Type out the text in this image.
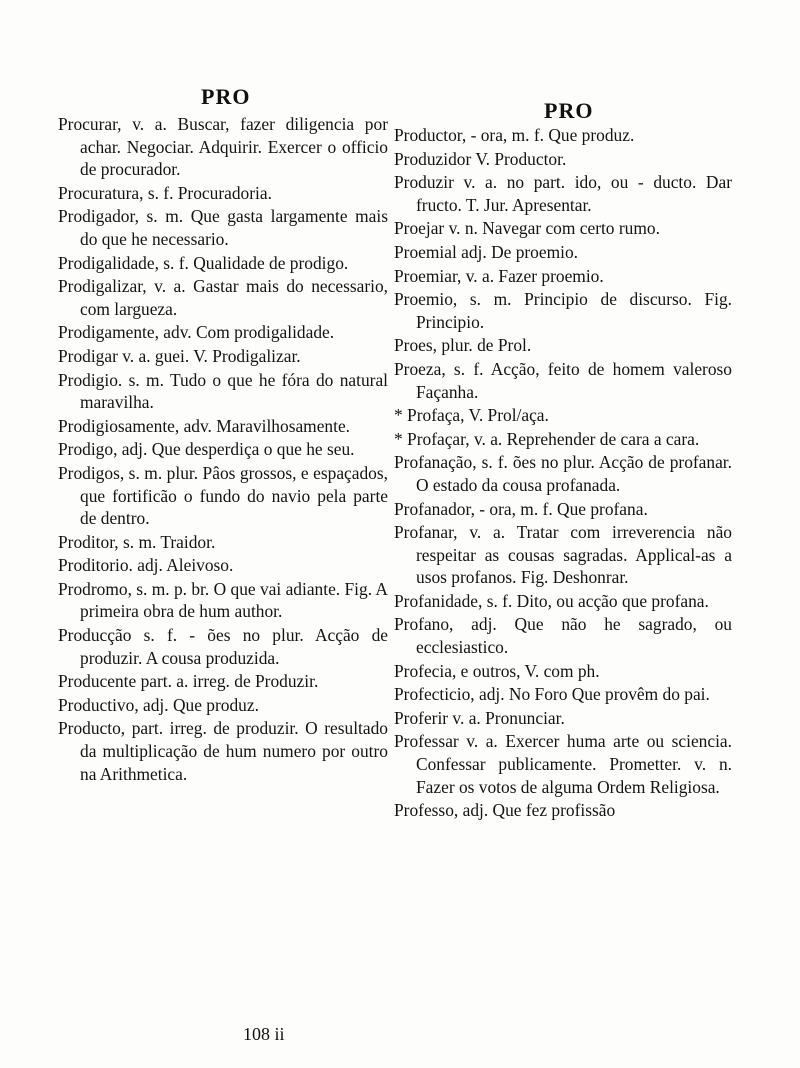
PRO
PRO

Procurar, v. a. Buscar, fazer diligencia por achar. Negociar. Adquirir. Exercer o officio de procurador.

Procuratura, s. f. Procuradoria.

Prodigador, s. m. Que gasta largamente mais do que he necessario.

Prodigalidade, s. f. Qualidade de prodigo.

Prodigalizar, v. a. Gastar mais do necessario, com largueza.

Prodigamente, adv. Com prodigalidade.

Prodigar v. a. guei. V. Prodigalizar.

Prodigio. s. m. Tudo o que he fóra do natural maravilha.

Prodigiosamente, adv. Maravilhosamente.

Prodigo, adj. Que desperdiça o que he seu.

Prodigos, s. m. plur. Pâos grossos, e espaçados, que fortificão o fundo do navio pela parte de dentro.

Proditor, s. m. Traidor.

Proditorio. adj. Aleivoso.

Prodromo, s. m. p. br. O que vai adiante. Fig. A primeira obra de hum author.

Producção s. f. - ões no plur. Acção de produzir. A cousa produzida.

Producente part. a. irreg. de Produzir.

Productivo, adj. Que produz.

Producto, part. irreg. de produzir. O resultado da multiplicação de hum numero por outro na Arithmetica.

Productor, - ora, m. f. Que produz.

Produzidor V. Productor.

Produzir v. a. no part. ido, ou - ducto. Dar fructo. T. Jur. Apresentar.

Proejar v. n. Navegar com certo rumo.

Proemial adj. De proemio.

Proemiar, v. a. Fazer proemio.

Proemio, s. m. Principio de discurso. Fig. Principio.

Proes, plur. de Prol.

Proeza, s. f. Acção, feito de homem valeroso Façanha.

* Profaça, V. Prol/aça.

* Profaçar, v. a. Reprehender de cara a cara.

Profanação, s. f. ões no plur. Acção de profanar. O estado da cousa profanada.

Profanador, - ora, m. f. Que profana.

Profanar, v. a. Tratar com irreverencia não respeitar as cousas sagradas. Applical-as a usos profanos. Fig. Deshonrar.

Profanidade, s. f. Dito, ou acção que profana.

Profano, adj. Que não he sagrado, ou ecclesiastico.

Profecia, e outros, V. com ph.

Profecticio, adj. No Foro Que provêm do pai.

Proferir v. a. Pronunciar.

Professar v. a. Exercer huma arte ou sciencia. Confessar publicamente. Prometter. v. n. Fazer os votos de alguma Ordem Religiosa.

Professo, adj. Que fez profissão

108 ii
